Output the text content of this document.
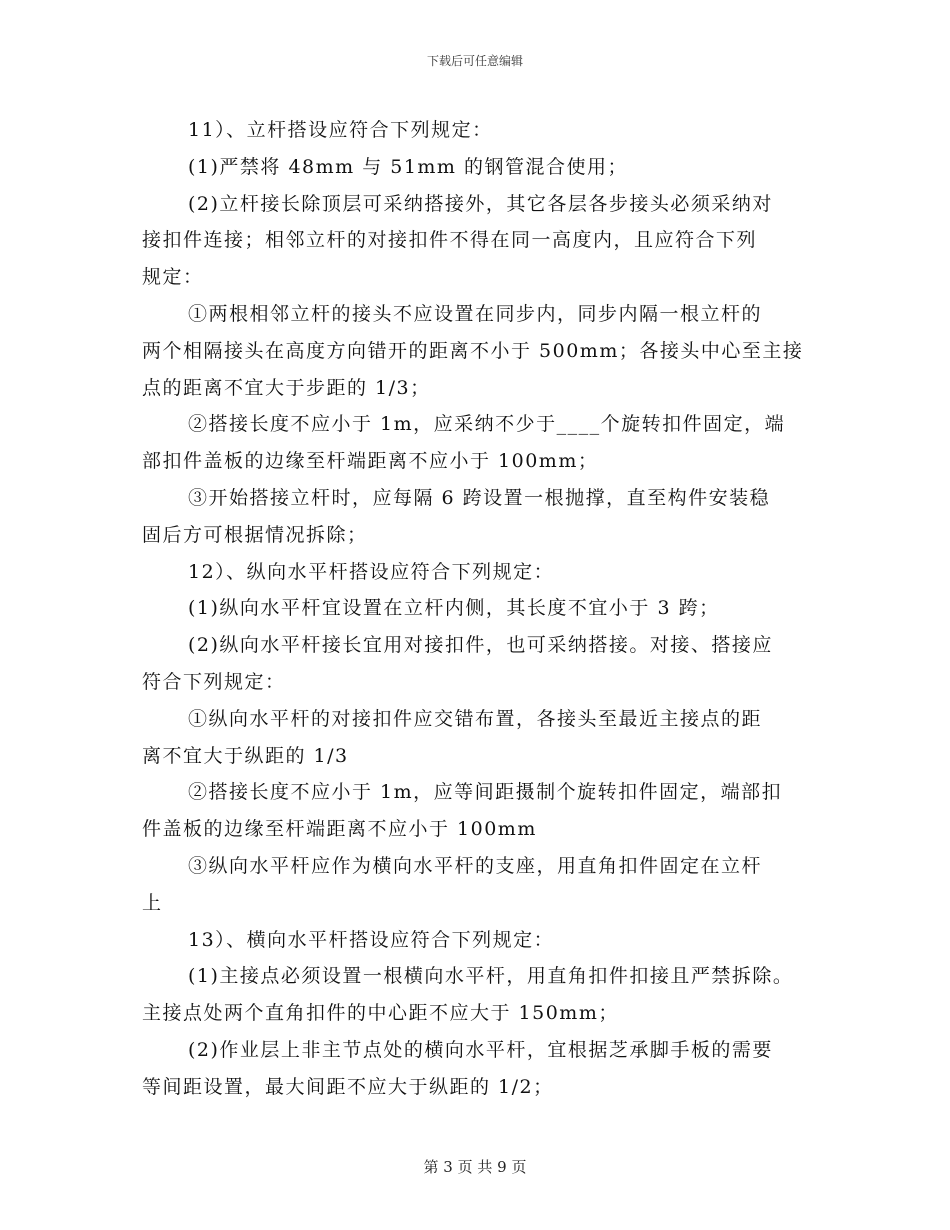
下载后可任意编辑
11）、立杆搭设应符合下列规定：
(1)严禁将 48mm 与 51mm 的钢管混合使用；
(2)立杆接长除顶层可采纳搭接外，其它各层各步接头必须采纳对
接扣件连接；相邻立杆的对接扣件不得在同一高度内，且应符合下列
规定：
①两根相邻立杆的接头不应设置在同步内，同步内隔一根立杆的
两个相隔接头在高度方向错开的距离不小于 500mm；各接头中心至主接
点的距离不宜大于步距的 1/3；
②搭接长度不应小于 1m，应采纳不少于____个旋转扣件固定，端
部扣件盖板的边缘至杆端距离不应小于 100mm；
③开始搭接立杆时，应每隔 6 跨设置一根抛撑，直至构件安装稳
固后方可根据情况拆除；
12）、纵向水平杆搭设应符合下列规定：
(1)纵向水平杆宜设置在立杆内侧，其长度不宜小于 3 跨；
(2)纵向水平杆接长宜用对接扣件，也可采纳搭接。对接、搭接应
符合下列规定：
①纵向水平杆的对接扣件应交错布置，各接头至最近主接点的距
离不宜大于纵距的 1/3
②搭接长度不应小于 1m，应等间距摄制个旋转扣件固定，端部扣
件盖板的边缘至杆端距离不应小于 100mm
③纵向水平杆应作为横向水平杆的支座，用直角扣件固定在立杆
上
13）、横向水平杆搭设应符合下列规定：
(1)主接点必须设置一根横向水平杆，用直角扣件扣接且严禁拆除。
主接点处两个直角扣件的中心距不应大于 150mm；
(2)作业层上非主节点处的横向水平杆，宜根据芝承脚手板的需要
等间距设置，最大间距不应大于纵距的 1/2；
第 3 页 共 9 页
